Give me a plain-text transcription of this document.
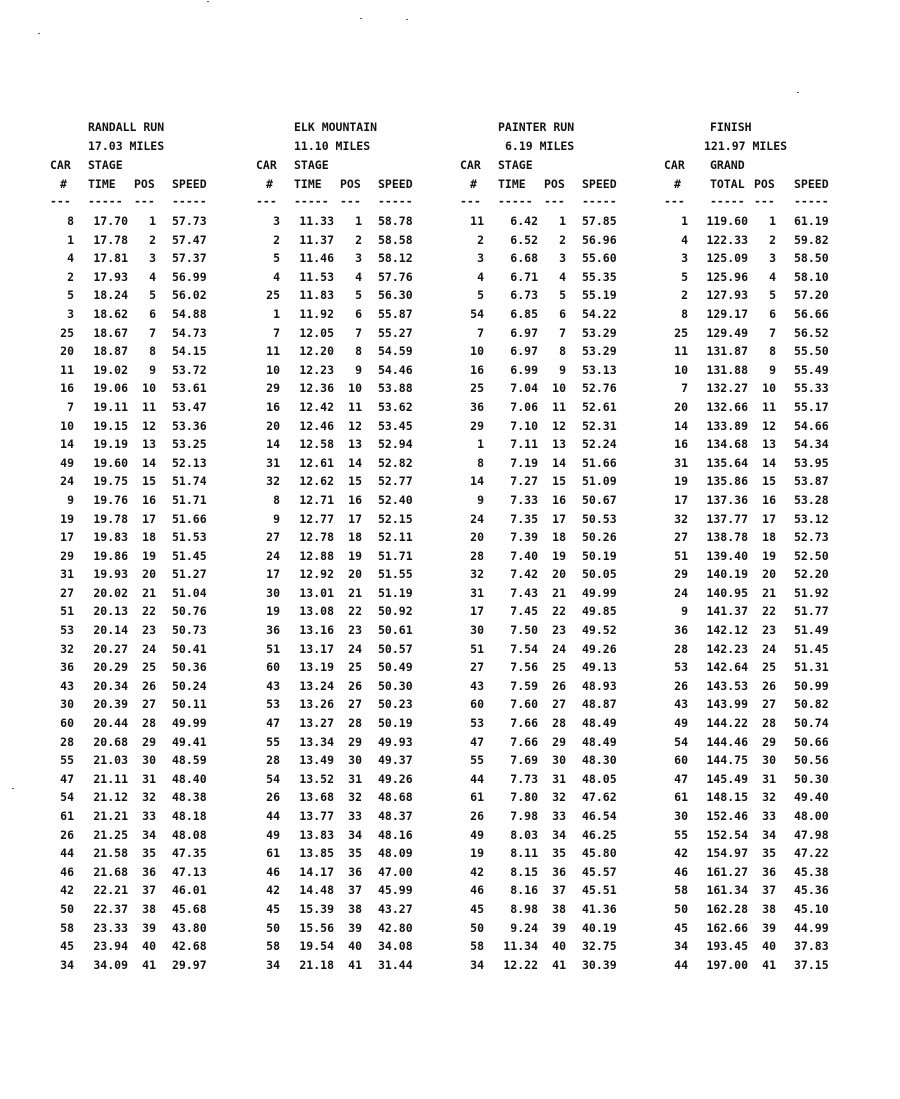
RANDALL RUN
17.03 MILES
CAR STAGE
# TIME POS SPEED
--- ----- --- -----
8	17.70	1 57.73
1	17.78	2 57.47
4	17.81	3 57.37
2	17.93	4 56.99
5	18.24	5 56.02
3	18.62	6 54.88
25	18.67	7 54.73
20	18.87	8 54.15
11	19.02	9 53.72
16	19.06	10 53.61
7	19.11	11 53.47
10	19.15	12 53.36
14	19.19	13 53.25
49	19.60	14 52.13
24	19.75	15 51.74
9	19.76	16 51.71
19	19.78	17 51.66
17	19.83	18 51.53
29	19.86	19 51.45
31	19.93	20 51.27
27	20.02	21 51.04
51	20.13	22 50.76
53	20.14	23 50.73
32	20.27	24 50.41
36	20.29	25 50.36
43	20.34	26 50.24
30	20.39	27 50.11
60	20.44	28 49.99
28	20.68	29 49.41
55	21.03	30 48.59
47	21.11	31 48.40
54	21.12	32 48.38
61	21.21	33 48.18
26	21.25	34 48.08
44	21.58	35 47.35
46	21.68	36 47.13
42	22.21	37 46.01
50	22.37	38 45.68
58	23.33	39 43.80
45	23.94	40 42.68
34	34.09	41 29.97
ELK MOUNTAIN
11.10 MILES
CAR STAGE
# TIME POS SPEED
--- ----- --- -----
3	11.33	1 58.78
2	11.37	2 58.58
5	11.46	3 58.12
4	11.53	4 57.76
25	11.83	5 56.30
1	11.92	6 55.87
7	12.05	7 55.27
11	12.20	8 54.59
10	12.23	9 54.46
29	12.36	10 53.88
16	12.42	11 53.62
20	12.46	12 53.45
14	12.58	13 52.94
31	12.61	14 52.82
32	12.62	15 52.77
8	12.71	16 52.40
9	12.77	17 52.15
27	12.78	18 52.11
24	12.88	19 51.71
17	12.92	20 51.55
30	13.01	21 51.19
19	13.08	22 50.92
36	13.16	23 50.61
51	13.17	24 50.57
60	13.19	25 50.49
43	13.24	26 50.30
53	13.26	27 50.23
47	13.27	28 50.19
55	13.34	29 49.93
28	13.49	30 49.37
54	13.52	31 49.26
26	13.68	32 48.68
44	13.77	33 48.37
49	13.83	34 48.16
61	13.85	35 48.09
46	14.17	36 47.00
42	14.48	37 45.99
45	15.39	38 43.27
50	15.56	39 42.80
58	19.54	40 34.08
34	21.18	41 31.44
PAINTER RUN
6.19 MILES
CAR STAGE
# TIME POS SPEED
--- ----- --- -----
11	6.42	1 57.85
2	6.52	2 56.96
3	6.68	3 55.60
4	6.71	4 55.35
5	6.73	5 55.19
54	6.85	6 54.22
7	6.97	7 53.29
10	6.97	8 53.29
16	6.99	9 53.13
25	7.04	10 52.76
36	7.06	11 52.61
29	7.10	12 52.31
1	7.11	13 52.24
8	7.19	14 51.66
14	7.27	15 51.09
9	7.33	16 50.67
24	7.35	17 50.53
20	7.39	18 50.26
28	7.40	19 50.19
32	7.42	20 50.05
31	7.43	21 49.99
17	7.45	22 49.85
30	7.50	23 49.52
51	7.54	24 49.26
27	7.56	25 49.13
43	7.59	26 48.93
60	7.60	27 48.87
53	7.66	28 48.49
47	7.66	29 48.49
55	7.69	30 48.30
44	7.73	31 48.05
61	7.80	32 47.62
26	7.98	33 46.54
49	8.03	34 46.25
19	8.11	35 45.80
42	8.15	36 45.57
46	8.16	37 45.51
45	8.98	38 41.36
50	9.24	39 40.19
58	11.34	40 32.75
34	12.22	41 30.39
FINISH
121.97 MILES
CAR GRAND
#	TOTAL POS SPEED
--- ----- --- -----
1	119.60	1 61.19
4	122.33	2 59.82
3	125.09	3 58.50
5	125.96	4 58.10
2	127.93	5 57.20
8	129.17	6 56.66
25	129.49	7 56.52
11	131.87	8 55.50
10	131.88	9 55.49
7	132.27	10 55.33
20	132.66	11 55.17
14	133.89	12 54.66
16	134.68	13 54.34
31	135.64	14 53.95
19	135.86	15 53.87
17	137.36	16 53.28
32	137.77	17 53.12
27	138.78	18 52.73
51	139.40	19 52.50
29	140.19	20 52.20
24	140.95	21 51.92
9	141.37	22 51.77
36	142.12	23 51.49
28	142.23	24 51.45
53	142.64	25 51.31
26	143.53	26 50.99
43	143.99	27 50.82
49	144.22	28 50.74
54	144.46	29 50.66
60	144.75	30 50.56
47	145.49	31 50.30
61	148.15	32 49.40
30	152.46	33 48.00
55	152.54	34 47.98
42	154.97	35 47.22
46	161.27	36 45.38
58	161.34	37 45.36
50	162.28	38 45.10
45	162.66	39 44.99
34	193.45	40 37.83
44	197.00	41 37.15
